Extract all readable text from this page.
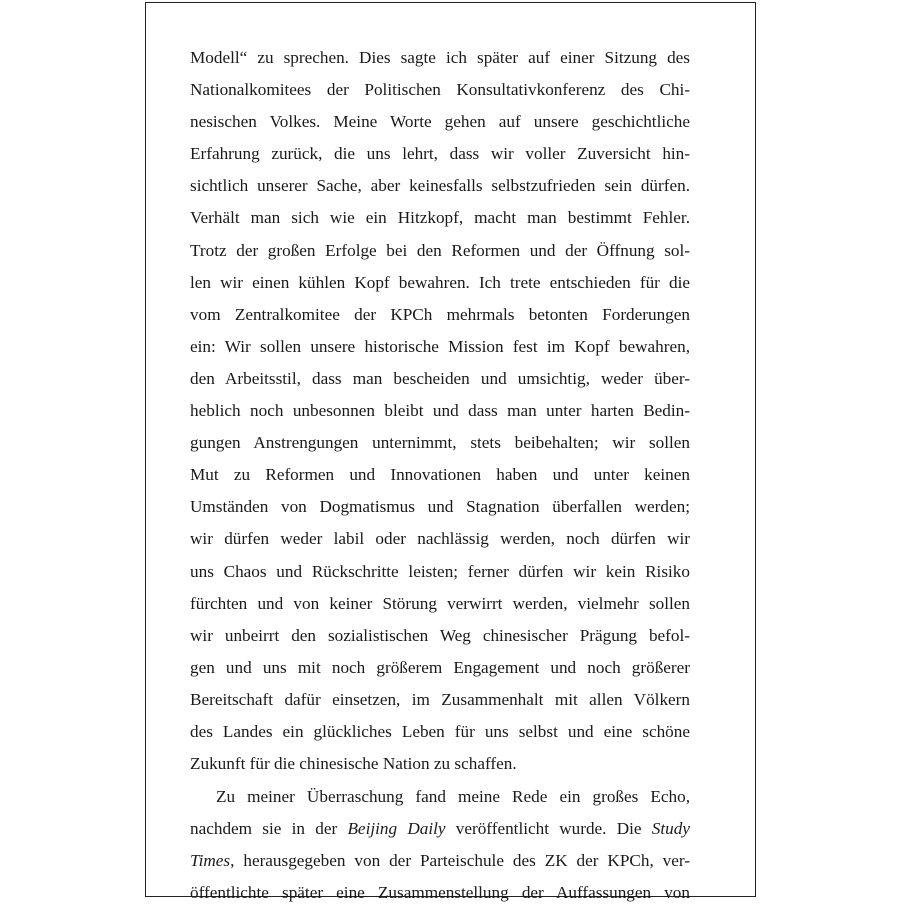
Modell“ zu sprechen. Dies sagte ich später auf einer Sitzung des
Nationalkomitees der Politischen Konsultativkonferenz des Chi-
nesischen Volkes. Meine Worte gehen auf unsere geschichtliche
Erfahrung zurück, die uns lehrt, dass wir voller Zuversicht hin-
sichtlich unserer Sache, aber keinesfalls selbstzufrieden sein dürfen.
Verhält man sich wie ein Hitzkopf, macht man bestimmt Fehler.
Trotz der großen Erfolge bei den Reformen und der Öffnung sol-
len wir einen kühlen Kopf bewahren. Ich trete entschieden für die
vom Zentralkomitee der KPCh mehrmals betonten Forderungen
ein: Wir sollen unsere historische Mission fest im Kopf bewahren,
den Arbeitsstil, dass man bescheiden und umsichtig, weder über-
heblich noch unbesonnen bleibt und dass man unter harten Bedin-
gungen Anstrengungen unternimmt, stets beibehalten; wir sollen
Mut zu Reformen und Innovationen haben und unter keinen
Umständen von Dogmatismus und Stagnation überfallen werden;
wir dürfen weder labil oder nachlässig werden, noch dürfen wir
uns Chaos und Rückschritte leisten; ferner dürfen wir kein Risiko
fürchten und von keiner Störung verwirrt werden, vielmehr sollen
wir unbeirrt den sozialistischen Weg chinesischer Prägung befol-
gen und uns mit noch größerem Engagement und noch größerer
Bereitschaft dafür einsetzen, im Zusammenhalt mit allen Völkern
des Landes ein glückliches Leben für uns selbst und eine schöne
Zukunft für die chinesische Nation zu schaffen.
Zu meiner Überraschung fand meine Rede ein großes Echo,
nachdem sie in der Beijing Daily veröffentlicht wurde. Die Study
Times, herausgegeben von der Parteischule des ZK der KPCh, ver-
öffentlichte später eine Zusammenstellung der Auffassungen von
